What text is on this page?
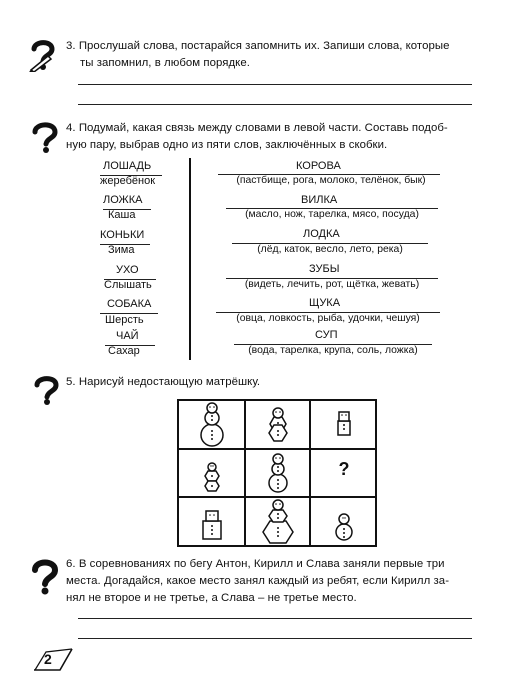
3. Прослушай слова, постарайся запомнить их. Запиши слова, которые
ты запомнил, в любом порядке.
4. Подумай, какая связь между словами в левой части. Составь подоб-
ную пару, выбрав одно из пяти слов, заключённых в скобки.
ЛОШАДЬ
жеребёнок
КОРОВА
(пастбище, рога, молоко, телёнок, бык)
ЛОЖКА
Каша
ВИЛКА
(масло, нож, тарелка, мясо, посуда)
КОНЬКИ
Зима
ЛОДКА
(лёд, каток, весло, лето, река)
УХО
Слышать
ЗУБЫ
(видеть, лечить, рот, щётка, жевать)
СОБАКА
Шерсть
ЩУКА
(овца, ловкость, рыба, удочки, чешуя)
ЧАЙ
Сахар
СУП
(вода, тарелка, крупа, соль, ложка)
5. Нарисуй недостающую матрёшку.
?
6. В соревнованиях по бегу Антон, Кирилл и Слава заняли первые три
места. Догадайся, какое место занял каждый из ребят, если Кирилл за-
нял не второе и не третье, а Слава – не третье место.
2
